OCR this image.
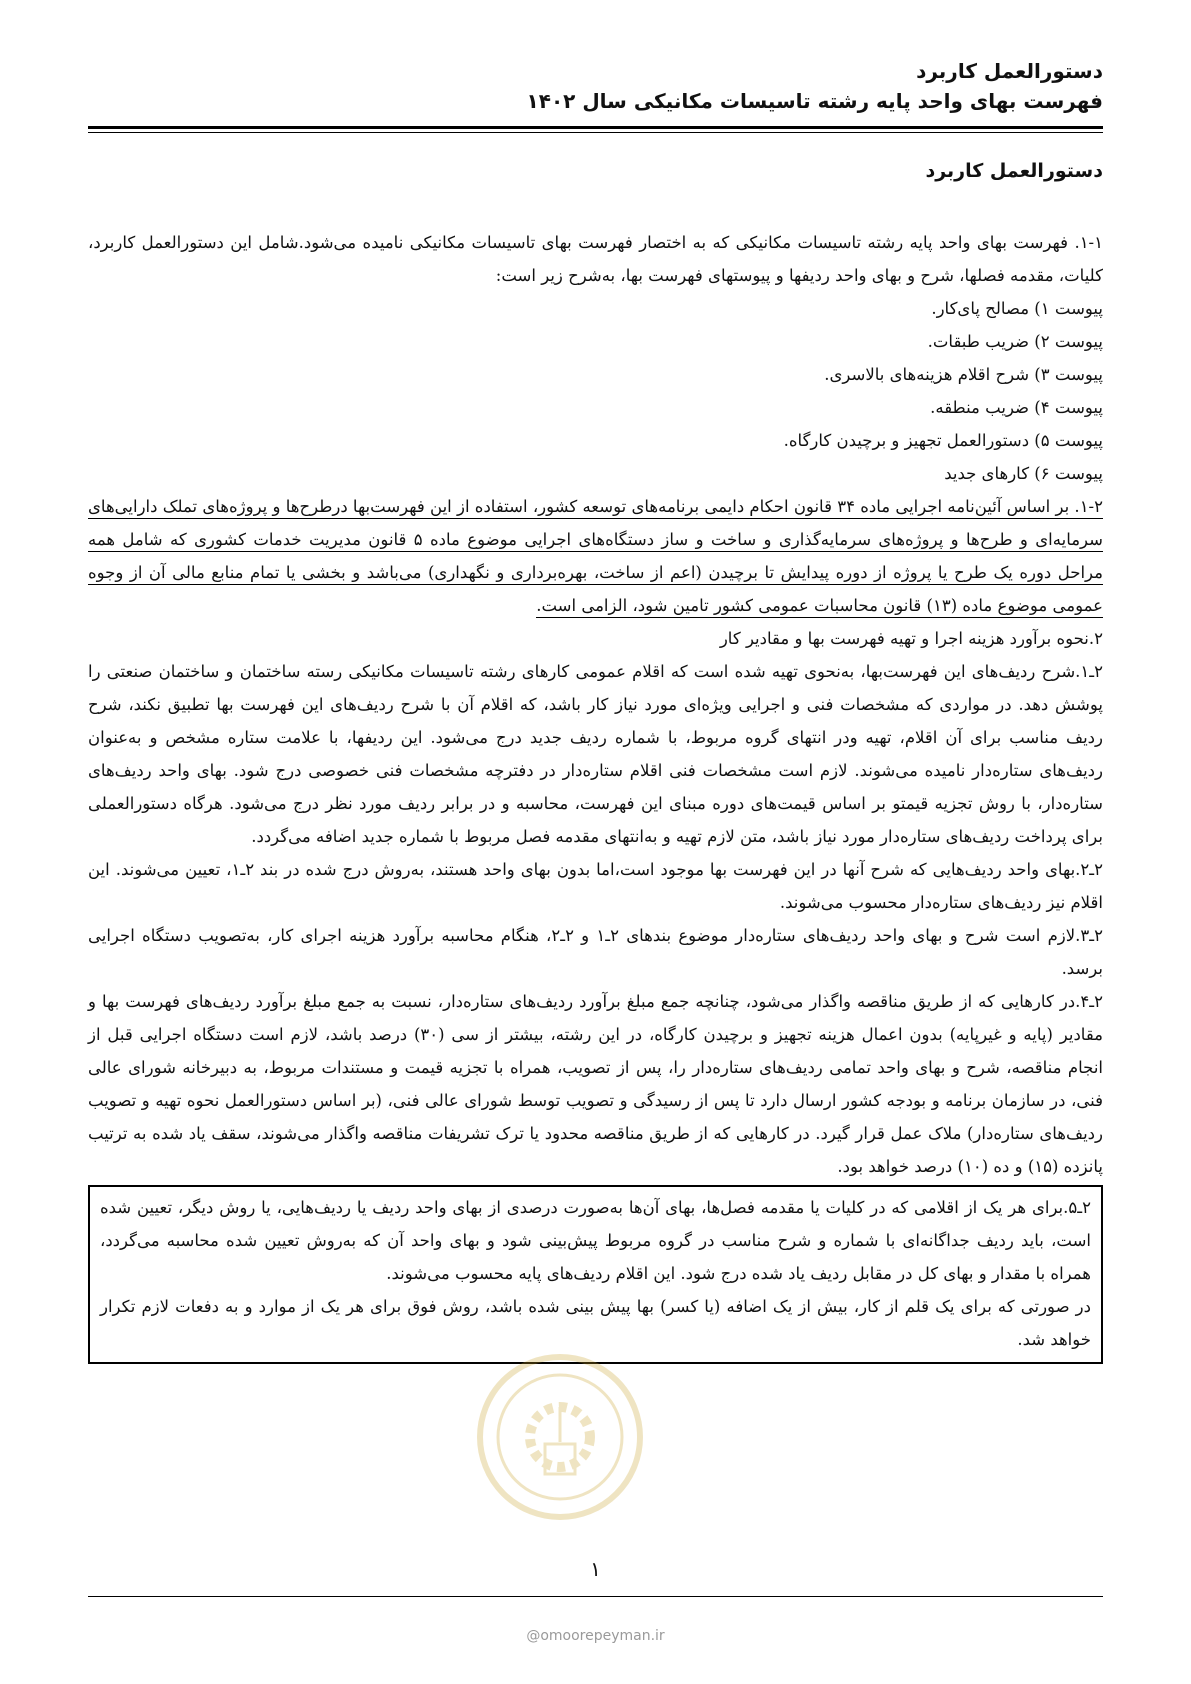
دستورالعمل کاربرد
فهرست بهای واحد پایه رشته تاسیسات مکانیکی سال ۱۴۰۲
دستورالعمل کاربرد

۱-۱. فهرست بهای واحد پایه رشته تاسیسات مکانیکی که به اختصار فهرست بهای تاسیسات مکانیکی نامیده می‌شود.شامل این دستورالعمل کاربرد، کلیات، مقدمه فصلها، شرح و بهای واحد ردیفها و پیوستهای فهرست بها، به‌شرح زیر است:

پیوست ۱) مصالح پای‌کار.

پیوست ۲) ضریب طبقات.

پیوست ۳) شرح اقلام هزینه‌های بالاسری.

پیوست ۴) ضریب منطقه.

پیوست ۵) دستورالعمل تجهیز و برچیدن کارگاه.

پیوست ۶) کارهای جدید

۱-۲. بر اساس آئین‌نامه اجرایی ماده ۳۴ قانون احکام دایمی برنامه‌های توسعه کشور، استفاده از این فهرست‌بها درطرح‌ها و پروژه‌های تملک دارایی‌های سرمایه‌ای و طرح‌ها و پروژه‌های سرمایه‌گذاری و ساخت و ساز دستگاه‌های اجرایی موضوع ماده ۵ قانون مدیریت خدمات کشوری که شامل همه مراحل دوره یک طرح یا پروژه از دوره پیدایش تا برچیدن (اعم از ساخت، بهره‌برداری و نگهداری) می‌باشد و بخشی یا تمام منابع مالی آن از وجوه عمومی موضوع ماده (۱۳) قانون محاسبات عمومی کشور تامین شود، الزامی است.

۲.نحوه برآورد هزینه اجرا و تهیه فهرست بها و مقادیر کار

۲ـ۱.شرح ردیف‌های این فهرست‌بها، به‌نحوی تهیه شده است که اقلام عمومی کارهای رشته تاسیسات مکانیکی رسته ساختمان و ساختمان صنعتی را پوشش دهد. در مواردی که مشخصات فنی و اجرایی ویژه‌ای مورد نیاز کار باشد، که اقلام آن با شرح ردیف‌های این فهرست بها تطبیق نکند، شرح ردیف مناسب برای آن اقلام، تهیه ودر انتهای گروه مربوط، با شماره ردیف جدید درج می‌شود. این ردیفها، با علامت ستاره مشخص و به‌عنوان ردیف‌های ستاره‌دار نامیده می‌شوند. لازم است مشخصات فنی اقلام ستاره‌دار در دفترچه مشخصات فنی خصوصی درج شود. بهای واحد ردیف‌های ستاره‌دار، با روش تجزیه قیمتو بر اساس قیمت‌های دوره مبنای این فهرست، محاسبه و در برابر ردیف مورد نظر درج می‌شود. هرگاه دستورالعملی برای پرداخت ردیف‌های ستاره‌دار مورد نیاز باشد، متن لازم تهیه و به‌انتهای مقدمه فصل مربوط با شماره جدید اضافه می‌گردد.

۲ـ۲.بهای واحد ردیف‌هایی که شرح آنها در این فهرست بها موجود است،اما بدون بهای واحد هستند، به‌روش درج شده در بند ۲ـ۱، تعیین می‌شوند. این اقلام نیز ردیف‌های ستاره‌دار محسوب می‌شوند.

۲ـ۳.لازم است شرح و بهای واحد ردیف‌های ستاره‌دار موضوع بندهای ۲ـ۱ و ۲ـ۲، هنگام محاسبه برآورد هزینه اجرای کار، به‌تصویب دستگاه اجرایی برسد.

۲ـ۴.در کارهایی که از طریق مناقصه واگذار می‌شود، چنانچه جمع مبلغ برآورد ردیف‌های ستاره‌دار، نسبت به جمع مبلغ برآورد ردیف‌های فهرست بها و مقادیر (پایه و غیرپایه) بدون اعمال هزینه تجهیز و برچیدن کارگاه، در این رشته، بیشتر از سی (۳۰) درصد باشد، لازم است دستگاه اجرایی قبل از انجام مناقصه، شرح و بهای واحد تمامی ردیف‌های ستاره‌دار را، پس از تصویب، همراه با تجزیه قیمت و مستندات مربوط، به دبیرخانه شورای عالی فنی، در سازمان برنامه و بودجه کشور ارسال دارد تا پس از رسیدگی و تصویب توسط شورای عالی فنی، (بر اساس دستورالعمل نحوه تهیه و تصویب ردیف‌های ستاره‌دار) ملاک عمل قرار گیرد. در کارهایی که از طریق مناقصه محدود یا ترک تشریفات مناقصه واگذار می‌شوند، سقف یاد شده به ترتیب پانزده (۱۵) و ده (۱۰) درصد خواهد بود.

۲ـ۵.برای هر یک از اقلامی که در کلیات یا مقدمه فصل‌ها، بهای آن‌ها به‌صورت درصدی از بهای واحد ردیف یا ردیف‌هایی، یا روش دیگر، تعیین شده است، باید ردیف جداگانه‌ای با شماره و شرح مناسب در گروه مربوط پیش‌بینی شود و بهای واحد آن که به‌روش تعیین شده محاسبه می‌گردد، همراه با مقدار و بهای کل در مقابل ردیف یاد شده درج شود. این اقلام ردیف‌های پایه محسوب می‌شوند.

در صورتی که برای یک قلم از کار، بیش از یک اضافه (یا کسر) بها پیش بینی شده باشد، روش فوق برای هر یک از موارد و به دفعات لازم تکرار خواهد شد.

۱
@omoorepeyman.ir
